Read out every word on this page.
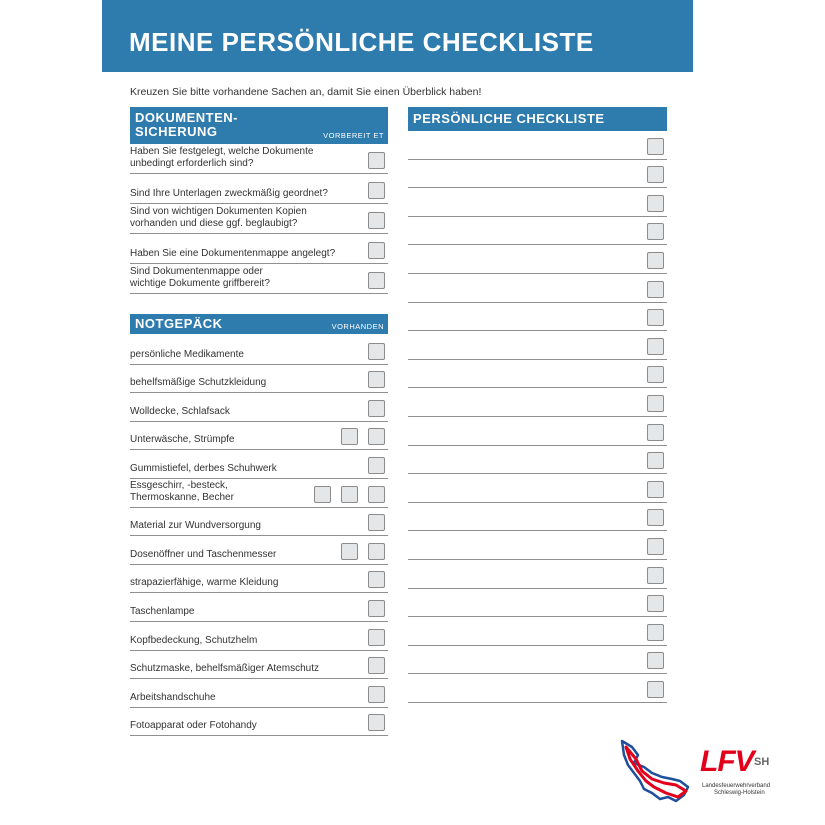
MEINE PERSÖNLICHE CHECKLISTE
Kreuzen Sie bitte vorhandene Sachen an, damit Sie einen Überblick haben!
DOKUMENTEN-
SICHERUNG	VORBEREIT ET
Haben Sie festgelegt, welche Dokumente
unbedingt erforderlich sind?
Sind Ihre Unterlagen zweckmäßig geordnet?
Sind von wichtigen Dokumenten Kopien
vorhanden und diese ggf. beglaubigt?
Haben Sie eine Dokumentenmappe angelegt?
Sind Dokumentenmappe oder
wichtige Dokumente griffbereit?
NOTGEPÄCK	VORHANDEN
persönliche Medikamente
behelfsmäßige Schutzkleidung
Wolldecke, Schlafsack
Unterwäsche, Strümpfe
Gummistiefel, derbes Schuhwerk
Essgeschirr, -besteck,
Thermoskanne, Becher
Material zur Wundversorgung
Dosenöffner und Taschenmesser
strapazierfähige, warme Kleidung
Taschenlampe
Kopfbedeckung, Schutzhelm
Schutzmaske, behelfsmäßiger Atemschutz
Arbeitshandschuhe
Fotoapparat oder Fotohandy
PERSÖNLICHE CHECKLISTE
LFV SH
Landesfeuerwehrverband
Schleswig-Holstein
